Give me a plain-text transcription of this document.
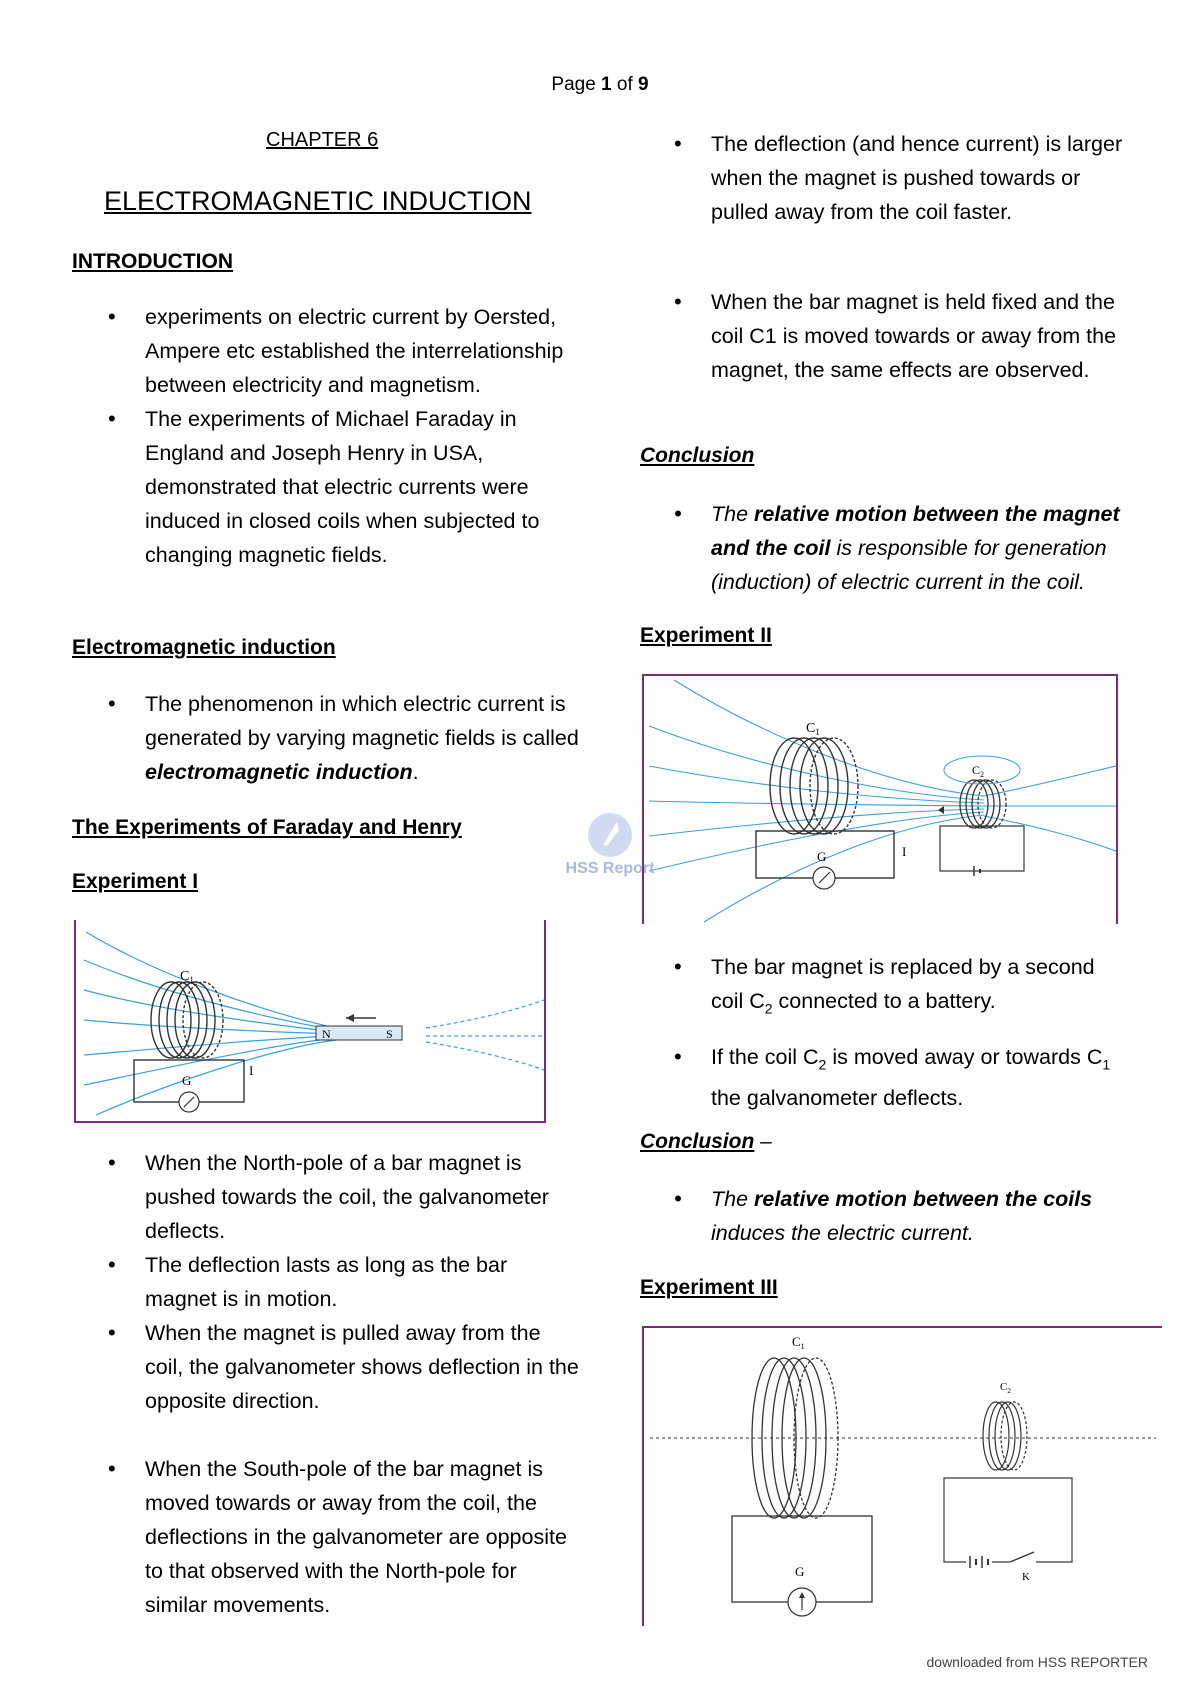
Page 1 of 9
CHAPTER 6
ELECTROMAGNETIC INDUCTION
INTRODUCTION
• experiments on electric current by Oersted, Ampere etc established the interrelationship between electricity and magnetism.
• The experiments of Michael Faraday in England and Joseph Henry in USA, demonstrated that electric currents were induced in closed coils when subjected to changing magnetic fields.
Electromagnetic induction
• The phenomenon in which electric current is generated by varying magnetic fields is called electromagnetic induction.
The Experiments of Faraday and Henry
Experiment I
G
$C_1$
I
N	S
• When the North-pole of a bar magnet is pushed towards the coil, the galvanometer deflects.
• The deflection lasts as long as the bar magnet is in motion.
• When the magnet is pulled away from the coil, the galvanometer shows deflection in the opposite direction.
• When the South-pole of the bar magnet is moved towards or away from the coil, the deflections in the galvanometer are opposite to that observed with the North-pole for similar movements.
• The deflection (and hence current) is larger when the magnet is pushed towards or pulled away from the coil faster.
• When the bar magnet is held fixed and the coil C1 is moved towards or away from the magnet, the same effects are observed.
Conclusion
• The relative motion between the magnet and the coil is responsible for generation (induction) of electric current in the coil.
Experiment II
$C_1$
G	I
$C_2$
• The bar magnet is replaced by a second coil $C_2$ connected to a battery.
• If the coil $C_2$ is moved away or towards $C_1$ the galvanometer deflects.
Conclusion –
• The relative motion between the coils induces the electric current.
Experiment III
$C_1$
G
$C_2$
K
HSS Report
downloaded from HSS REPORTER
